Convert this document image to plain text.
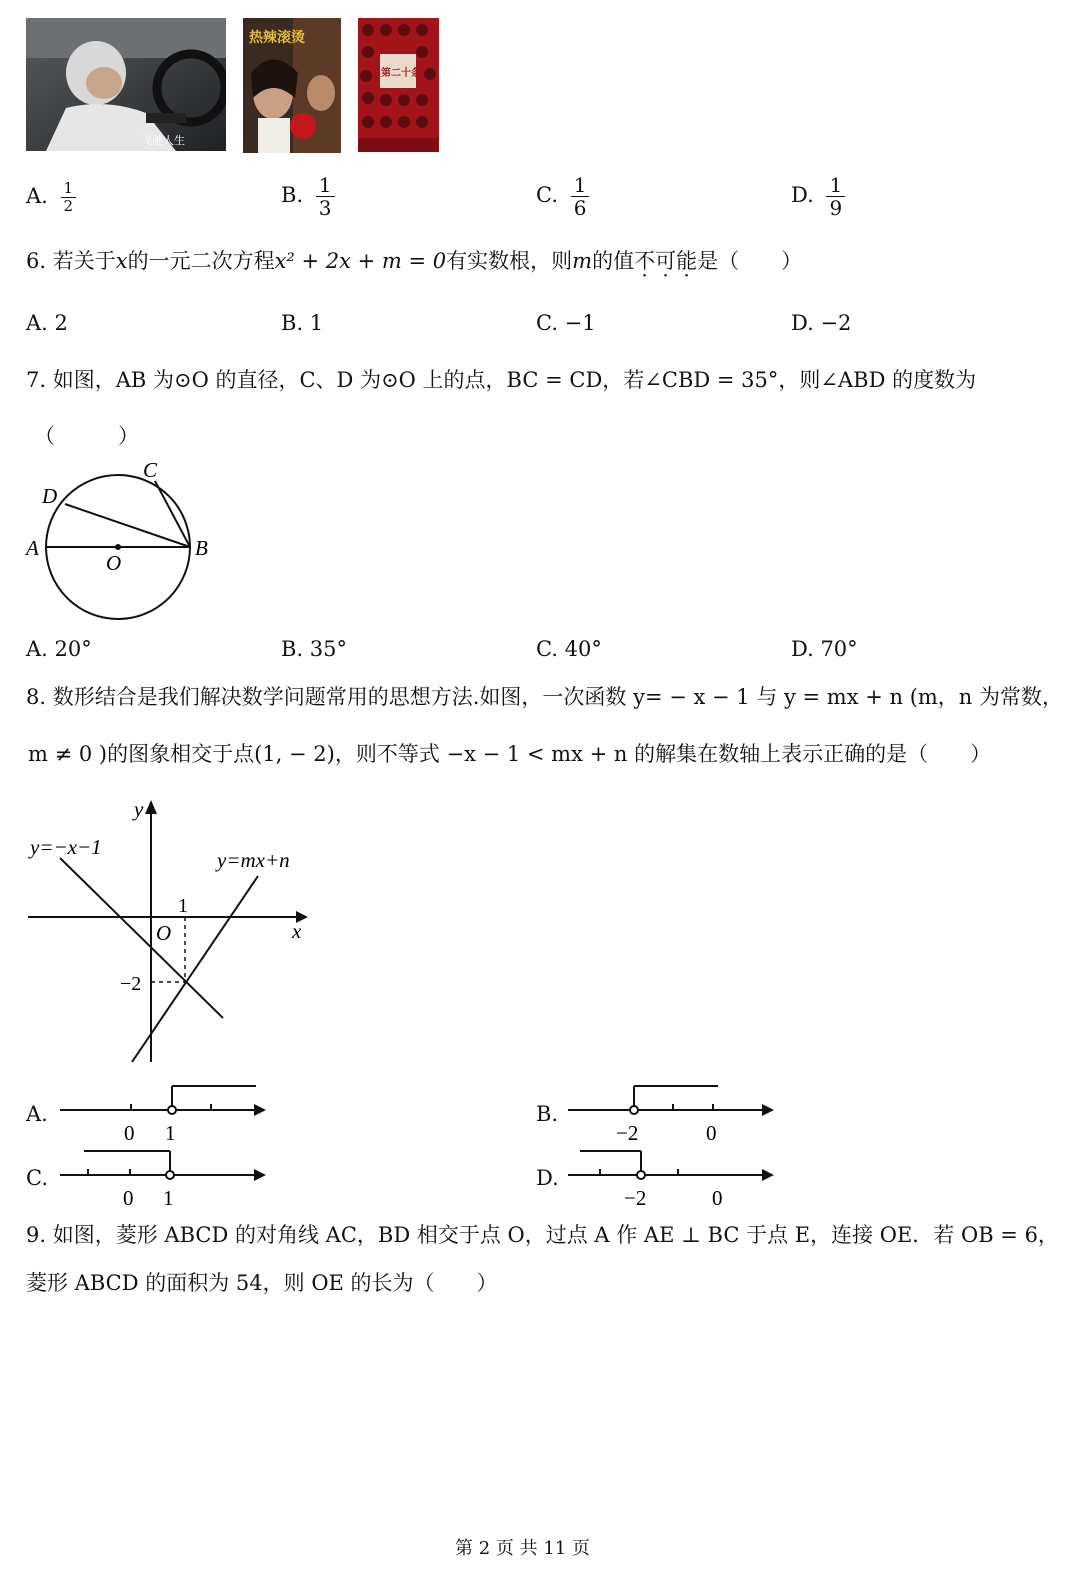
飞驰人生
热辣滚烫
第二十条
A. $\frac{1}{2}$	B. $\frac{1}{3}$	C. $\frac{1}{6}$	D. $\frac{1}{9}$
6. 若关于x的一元二次方程x² + 2x + m = 0有实数根，则m的值不可能是（　　）
A. 2	B. 1	C. −1	D. −2
7. 如图，AB 为⊙O 的直径，C、D 为⊙O 上的点，BC = CD，若∠CBD = 35°，则∠ABD 的度数为
（　　　）
A	B
C
D
O
A. 20°	B. 35°	C. 40°	D. 70°
8. 数形结合是我们解决数学问题常用的思想方法.如图，一次函数 y= − x − 1 与 y = mx + n (m，n 为常数，
m ≠ 0 )的图象相交于点(1, − 2)，则不等式 −x − 1 < mx + n 的解集在数轴上表示正确的是（　　）
y
x
O
y=−x−1
y=mx+n
1
−2
A.
0 1
B.
−2	0
C.
0 1
D.
−2	0
9. 如图，菱形 ABCD 的对角线 AC，BD 相交于点 O，过点 A 作 AE ⊥ BC 于点 E，连接 OE．若 OB = 6，
菱形 ABCD 的面积为 54，则 OE 的长为（　　）
第 2 页 共 11 页
